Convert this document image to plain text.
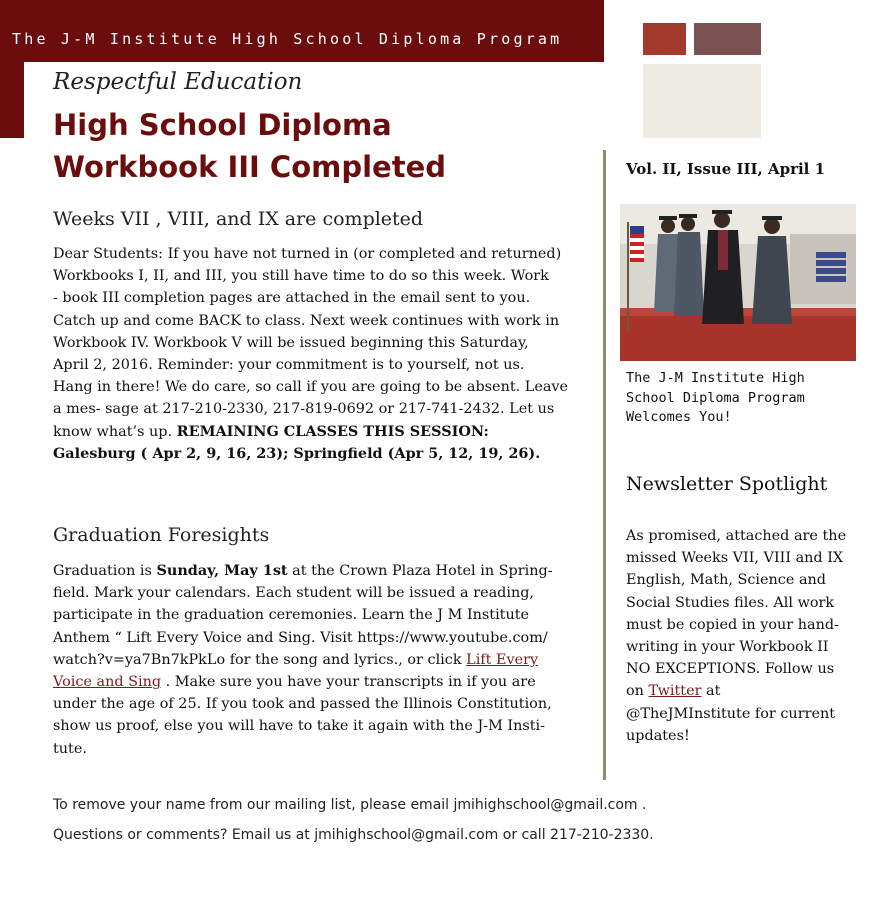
The J-M Institute High School Diploma Program
Respectful Education
High School Diploma
Workbook III Completed
Weeks VII , VIII, and IX are completed
Dear Students: If you have not turned in (or completed and returned)
Workbooks I, II, and III, you still have time to do so this week. Work
- book III completion pages are attached in the email sent to you.
Catch up and come BACK to class. Next week continues with work in
Workbook IV. Workbook V will be issued beginning this Saturday,
April 2, 2016. Reminder: your commitment is to yourself, not us.
Hang in there! We do care, so call if you are going to be absent. Leave
a mes- sage at 217-210-2330, 217-819-0692 or 217-741-2432. Let us
know what’s up. REMAINING CLASSES THIS SESSION:
Galesburg ( Apr 2, 9, 16, 23); Springfield (Apr 5, 12, 19, 26).
Graduation Foresights
Graduation is Sunday, May 1st at the Crown Plaza Hotel in Spring-
field. Mark your calendars. Each student will be issued a reading,
participate in the graduation ceremonies. Learn the J M Institute
Anthem “ Lift Every Voice and Sing. Visit https://www.youtube.com/
watch?v=ya7Bn7kPkLo for the song and lyrics., or click Lift Every
Voice and Sing . Make sure you have your transcripts in if you are
under the age of 25. If you took and passed the Illinois Constitution,
show us proof, else you will have to take it again with the J-M Insti-
tute.
Vol. II, Issue III, April 1
The J-M Institute High
School Diploma Program
Welcomes You!
Newsletter Spotlight
As promised, attached are the
missed Weeks VII, VIII and IX
English, Math, Science and
Social Studies files. All work
must be copied in your hand-
writing in your Workbook II
NO EXCEPTIONS. Follow us
on Twitter at
@TheJMInstitute for current
updates!
To remove your name from our mailing list, please email jmihighschool@gmail.com .
Questions or comments? Email us at jmihighschool@gmail.com or call 217-210-2330.
